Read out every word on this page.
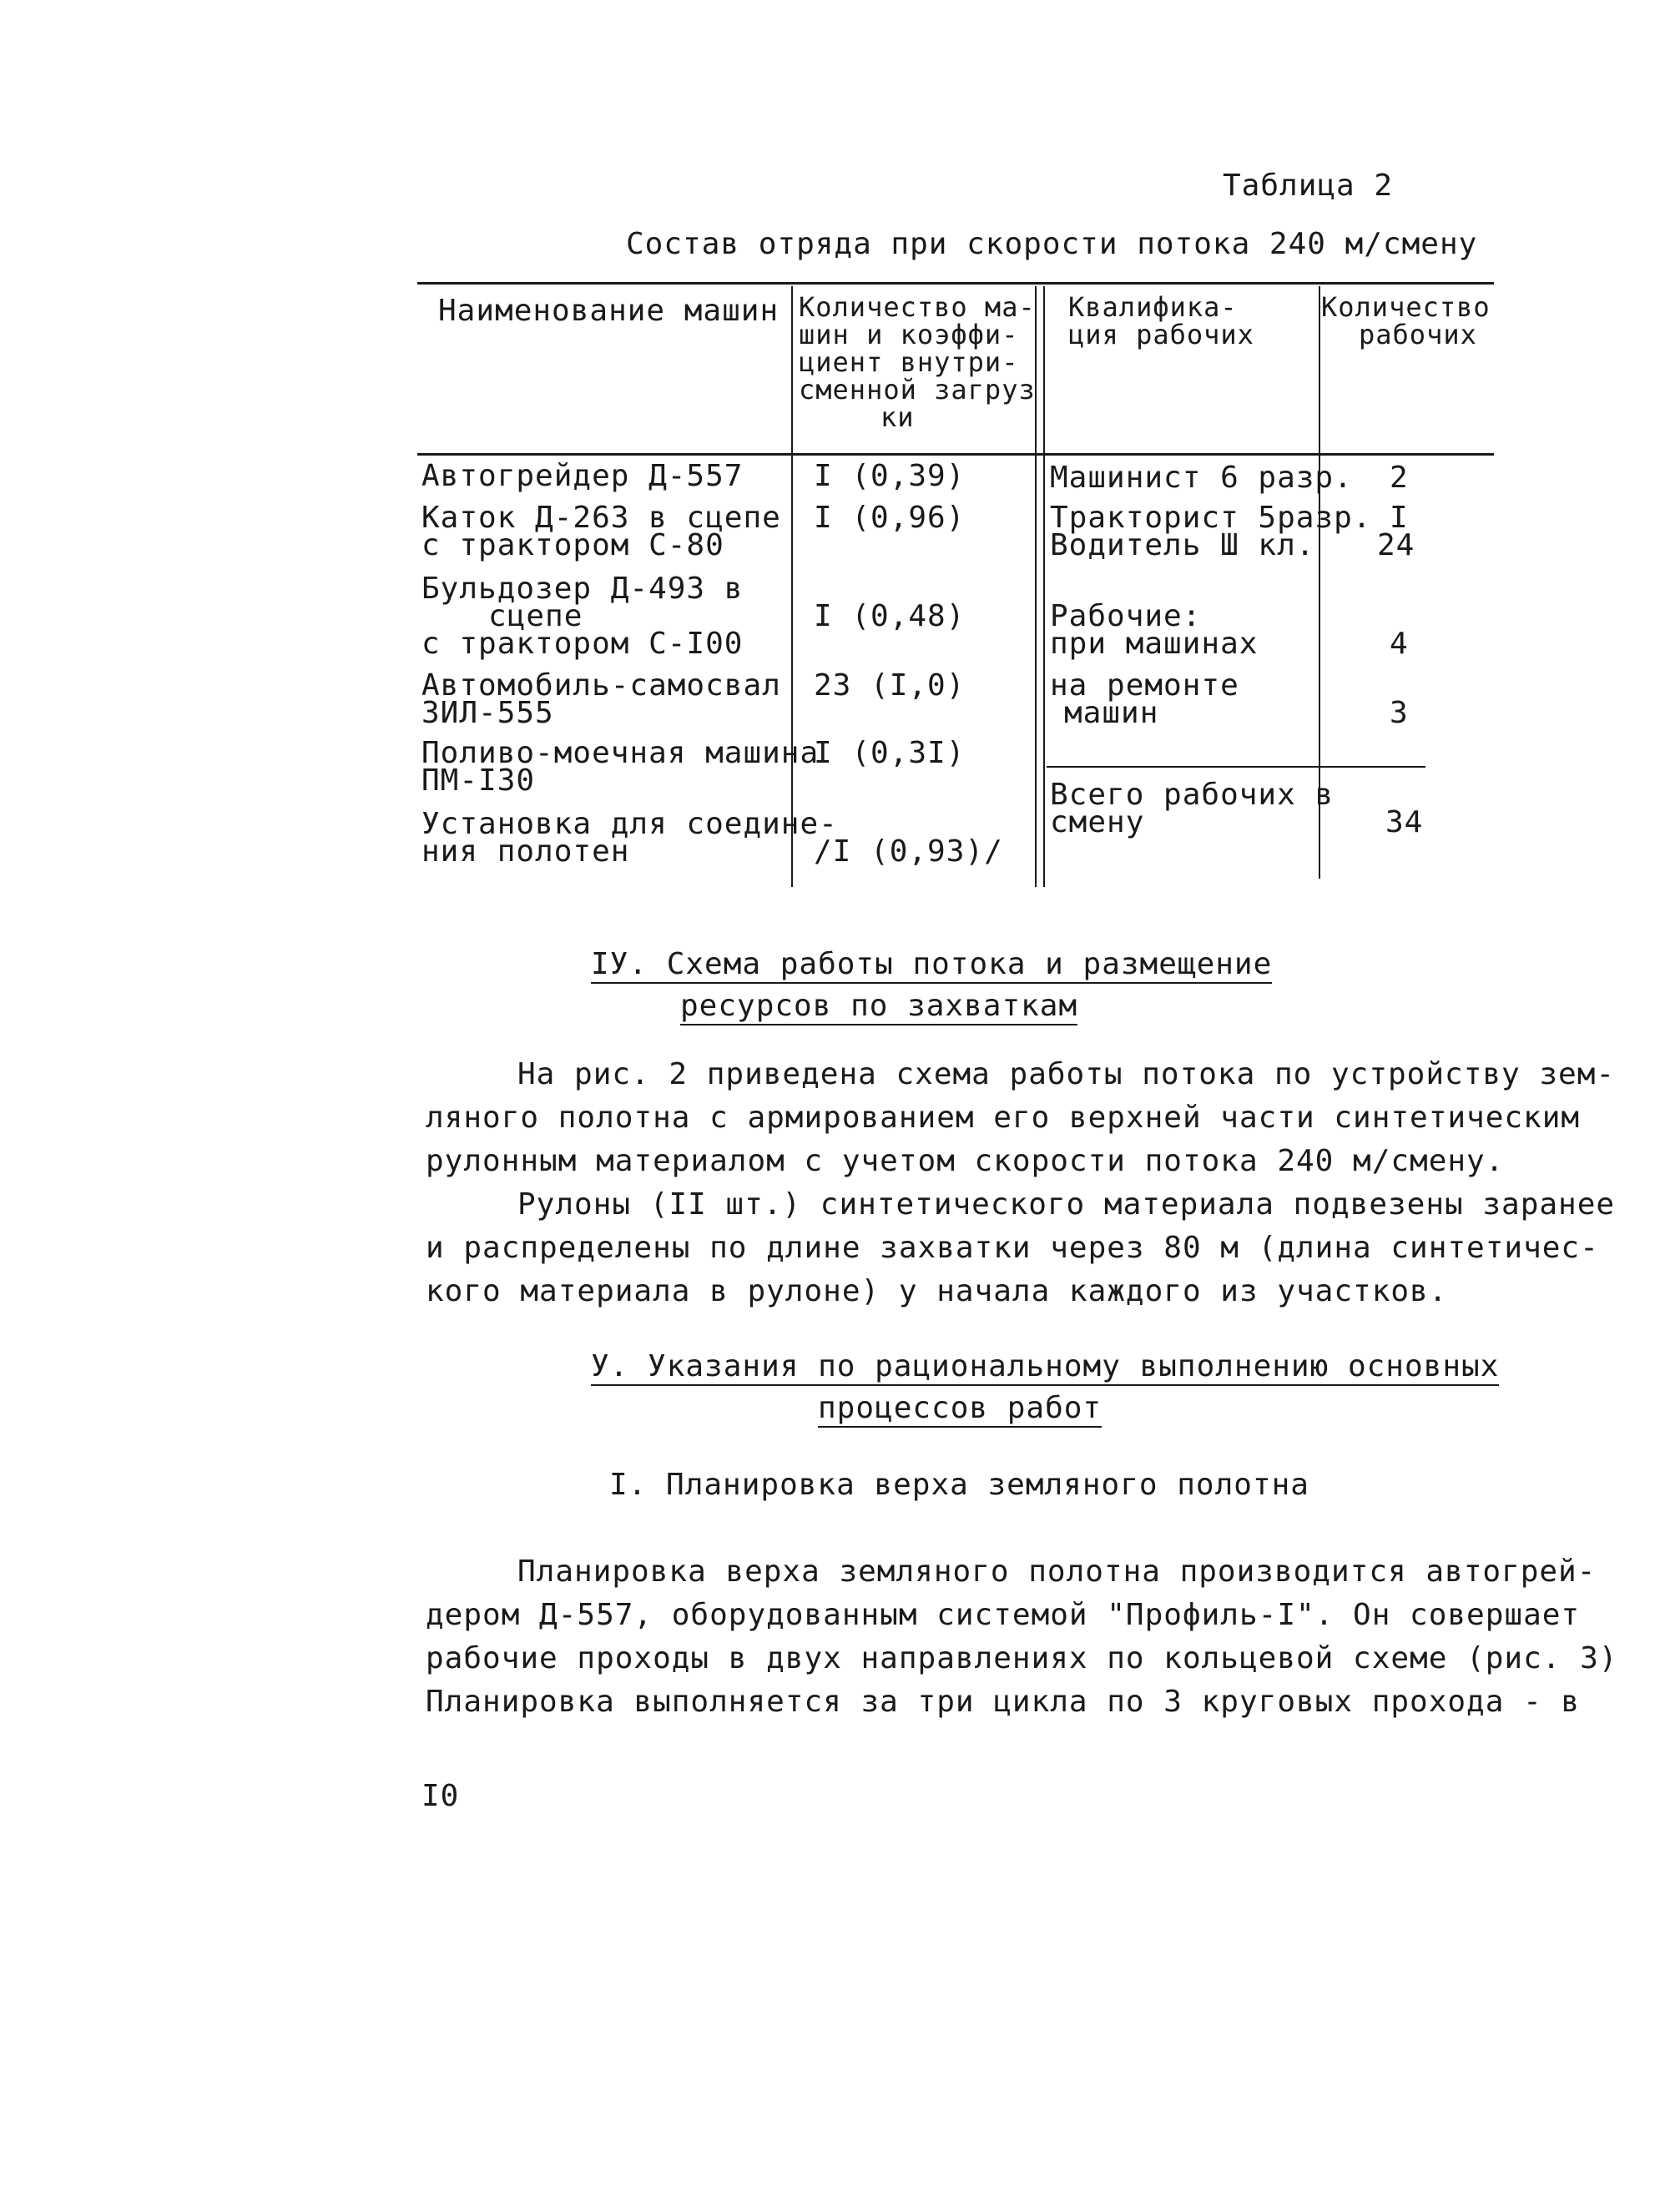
Таблица 2
Состав отряда при скорости потока 240 м/смену
Наименование машин Количество ма-
шин и коэффи-
циент внутри-
сменной загруз
ки
Квалифика-
ция рабочих
Количество
рабочих
Автогрейдер Д-557
Каток Д-263 в сцепе
с трактором С-80
Бульдозер Д-493 в
сцепе
с трактором С-I00
Автомобиль-самосвал
ЗИЛ-555
Поливо-моечная машина
ПМ-I30
Установка для соедине-
ния полотен
I (0,39)
I (0,96)
I (0,48)
23 (I,0)
I (0,3I)
/I (0,93)/
Машинист 6 разр.
Тракторист 5разр.
Водитель Ш кл.
Рабочие:
при машинах
на ремонте
машин
Всего рабочих в
смену
2
I
24
4
3
34
IУ. Схема работы потока и размещение
ресурсов по захваткам
На рис. 2 приведена схема работы потока по устройству зем-
ляного полотна с армированием его верхней части синтетическим
рулонным материалом с учетом скорости потока 240 м/смену.
Рулоны (II шт.) синтетического материала подвезены заранее
и распределены по длине захватки через 80 м (длина синтетичес-
кого материала в рулоне) у начала каждого из участков.
У. Указания по рациональному выполнению основных
процессов работ
I. Планировка верха земляного полотна
Планировка верха земляного полотна производится автогрей-
дером Д-557, оборудованным системой "Профиль-I". Он совершает
рабочие проходы в двух направлениях по кольцевой схеме (рис. 3)
Планировка выполняется за три цикла по 3 круговых прохода - в
I0
